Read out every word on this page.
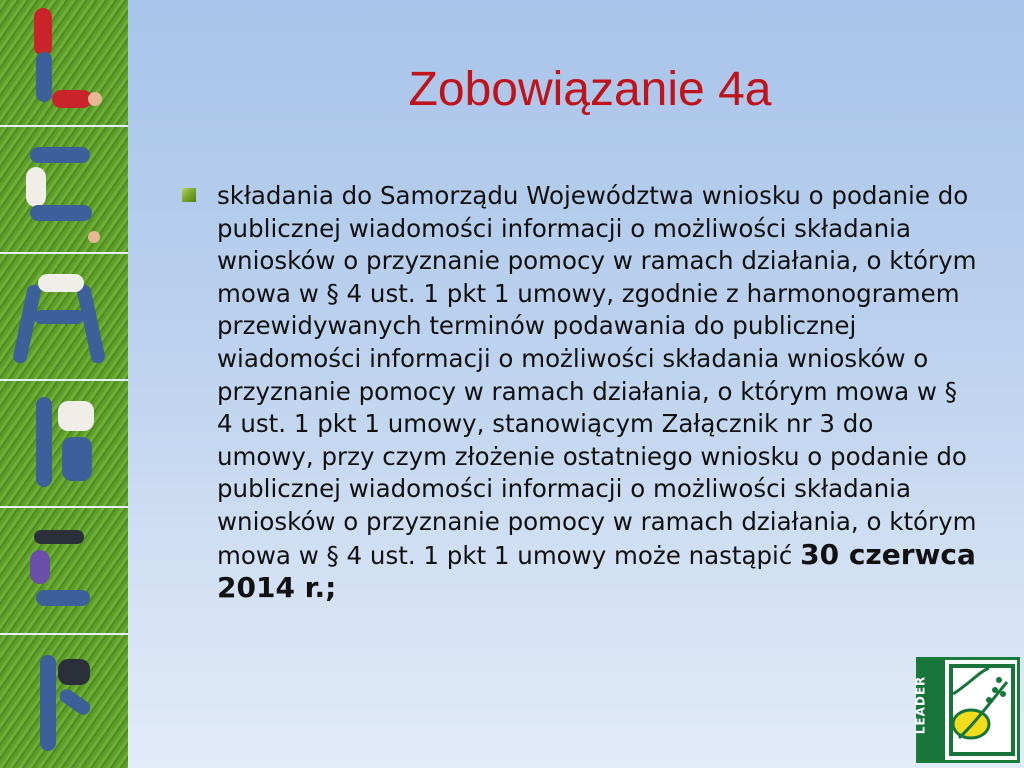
Zobowiązanie 4a

składania do Samorządu Województwa wniosku o podanie do publicznej wiadomości informacji o możliwości składania wniosków o przyznanie pomocy w ramach działania, o którym mowa w § 4 ust. 1 pkt 1 umowy, zgodnie z harmonogramem przewidywanych terminów podawania do publicznej wiadomości informacji o możliwości składania wniosków o przyznanie pomocy w ramach działania, o którym mowa w § 4 ust. 1 pkt 1 umowy, stanowiącym Załącznik nr 3 do umowy, przy czym złożenie ostatniego wniosku o podanie do publicznej wiadomości informacji o możliwości składania wniosków o przyznanie pomocy w ramach działania, o którym mowa w § 4 ust. 1 pkt 1 umowy może nastąpić 30 czerwca 2014 r.;

LEADER
